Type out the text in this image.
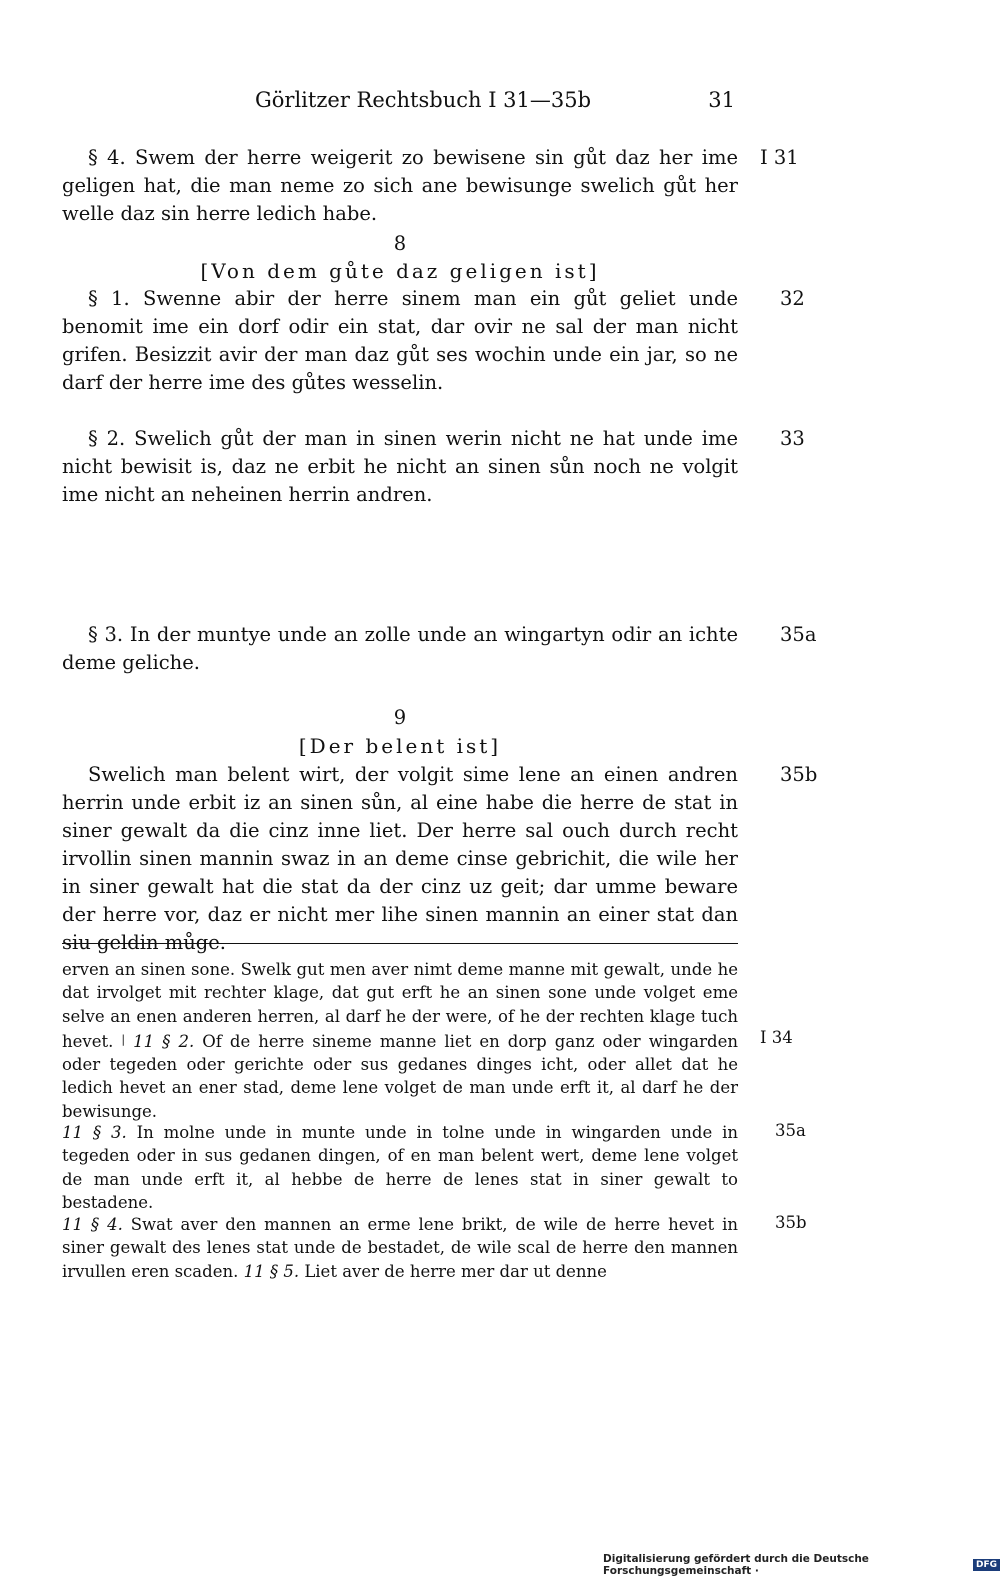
Görlitzer Rechtsbuch I 31—35b	31

§ 4. Swem der herre weigerit zo bewisene sin gůt daz her ime geligen hat, die man neme zo sich ane bewisunge swelich gůt her welle daz sin herre ledich habe.

I 31
8
[Von dem gůte daz geligen ist]

§ 1. Swenne abir der herre sinem man ein gůt geliet unde benomit ime ein dorf odir ein stat, dar ovir ne sal der man nicht grifen. Besizzit avir der man daz gůt ses wochin unde ein jar, so ne darf der herre ime des gůtes wesselin.

32

§ 2. Swelich gůt der man in sinen werin nicht ne hat unde ime nicht bewisit is, daz ne erbit he nicht an sinen sůn noch ne volgit ime nicht an neheinen herrin andren.

33

§ 3. In der muntye unde an zolle unde an wingartyn odir an ichte deme geliche.

35a
9
[Der belent ist]

Swelich man belent wirt, der volgit sime lene an einen andren herrin unde erbit iz an sinen sůn, al eine habe die herre de stat in siner gewalt da die cinz inne liet. Der herre sal ouch durch recht irvollin sinen mannin swaz in an deme cinse gebrichit, die wile her in siner gewalt hat die stat da der cinz uz geit; dar umme beware der herre vor, daz er nicht mer lihe sinen mannin an einer stat dan siu geldin můge.

35b

erven an sinen sone. Swelk gut men aver nimt deme manne mit gewalt, unde he dat irvolget mit rechter klage, dat gut erft he an sinen sone unde volget eme selve an enen anderen herren, al darf he der were, of he der rechten klage tuch hevet. | 11 § 2. Of de herre sineme manne liet en dorp ganz oder wingarden oder tegeden oder gerichte oder sus gedanes dinges icht, oder allet dat he ledich hevet an ener stad, deme lene volget de man unde erft it, al darf he der bewisunge.

I 34

11 § 3. In molne unde in munte unde in tolne unde in wingarden unde in tegeden oder in sus gedanen dingen, of en man belent wert, deme lene volget de man unde erft it, al hebbe de herre de lenes stat in siner gewalt to bestadene.

35a

11 § 4. Swat aver den mannen an erme lene brikt, de wile de herre hevet in siner gewalt des lenes stat unde de bestadet, de wile scal de herre den mannen irvullen eren scaden. 11 § 5. Liet aver de herre mer dar ut denne

35b
Digitalisierung gefördert durch die Deutsche Forschungsgemeinschaft ·	DFG
